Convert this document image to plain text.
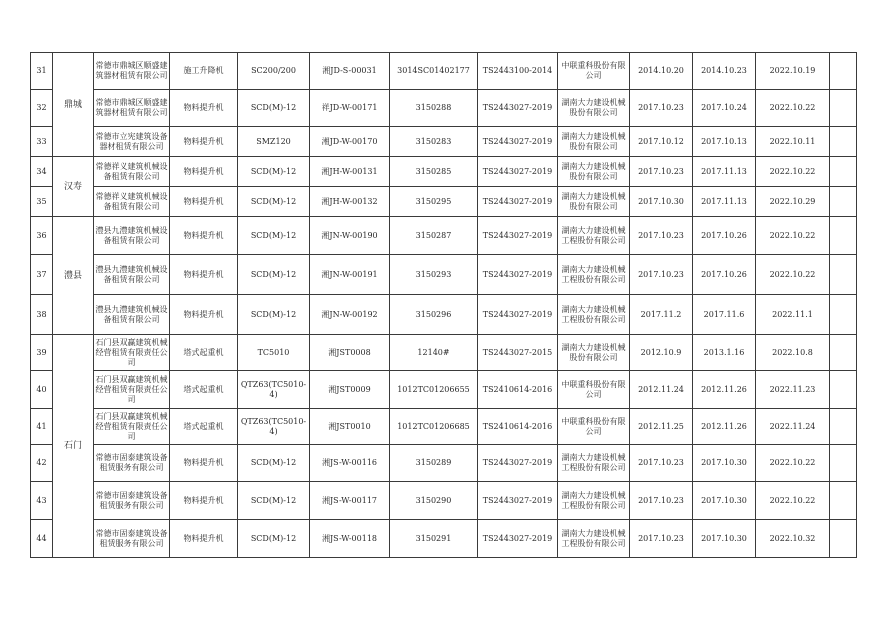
31	鼎城	常德市鼎城区顺盛建筑器材租赁有限公司	施工升降机	SC200/200	湘JD-S-00031	3014SC01402177	TS2443100-2014	中联重科股份有限公司	2014.10.20	2014.10.23	2022.10.19	
32		常德市鼎城区顺盛建筑器材租赁有限公司	物料提升机	SCD(M)-12	祥JD-W-00171	3150288	TS2443027-2019	湖南大力建设机械股份有限公司	2017.10.23	2017.10.24	2022.10.22	
33		常德市立宪建筑设备器材租赁有限公司	物料提升机	SMZ120	湘JD-W-00170	3150283	TS2443027-2019	湖南大力建设机械股份有限公司	2017.10.12	2017.10.13	2022.10.11	
34	汉寿	常德祥义建筑机械设备租赁有限公司	物料提升机	SCD(M)-12	湘JH-W-00131	3150285	TS2443027-2019	湖南大力建设机械股份有限公司	2017.10.23	2017.11.13	2022.10.22	
35		常德祥义建筑机械设备租赁有限公司	物料提升机	SCD(M)-12	湘JH-W-00132	3150295	TS2443027-2019	湖南大力建设机械股份有限公司	2017.10.30	2017.11.13	2022.10.29	
36	澧县	澧县九澧建筑机械设备租赁有限公司	物料提升机	SCD(M)-12	湘JN-W-00190	3150287	TS2443027-2019	湖南大力建设机械工程股份有限公司	2017.10.23	2017.10.26	2022.10.22	
37		澧县九澧建筑机械设备租赁有限公司	物料提升机	SCD(M)-12	湘JN-W-00191	3150293	TS2443027-2019	湖南大力建设机械工程股份有限公司	2017.10.23	2017.10.26	2022.10.22	
38		澧县九澧建筑机械设备租赁有限公司	物料提升机	SCD(M)-12	湘JN-W-00192	3150296	TS2443027-2019	湖南大力建设机械工程股份有限公司	2017.11.2	2017.11.6	2022.11.1	
39	石门	石门县双赢建筑机械经营租赁有限责任公司	塔式起重机	TC5010	湘JST0008	12140#	TS2443027-2015	湖南大力建设机械股份有限公司	2012.10.9	2013.1.16	2022.10.8	
40		石门县双赢建筑机械经营租赁有限责任公司	塔式起重机	QTZ63(TC5010-4)	湘JST0009	1012TC01206655	TS2410614-2016	中联重科股份有限公司	2012.11.24	2012.11.26	2022.11.23	
41		石门县双赢建筑机械经营租赁有限责任公司	塔式起重机	QTZ63(TC5010-4)	湘JST0010	1012TC01206685	TS2410614-2016	中联重科股份有限公司	2012.11.25	2012.11.26	2022.11.24	
42		常德市固泰建筑设备租赁服务有限公司	物料提升机	SCD(M)-12	湘JS-W-00116	3150289	TS2443027-2019	湖南大力建设机械工程股份有限公司	2017.10.23	2017.10.30	2022.10.22	
43		常德市固泰建筑设备租赁服务有限公司	物料提升机	SCD(M)-12	湘JS-W-00117	3150290	TS2443027-2019	湖南大力建设机械工程股份有限公司	2017.10.23	2017.10.30	2022.10.22	
44		常德市固泰建筑设备租赁服务有限公司	物料提升机	SCD(M)-12	湘JS-W-00118	3150291	TS2443027-2019	湖南大力建设机械工程股份有限公司	2017.10.23	2017.10.30	2022.10.32	
